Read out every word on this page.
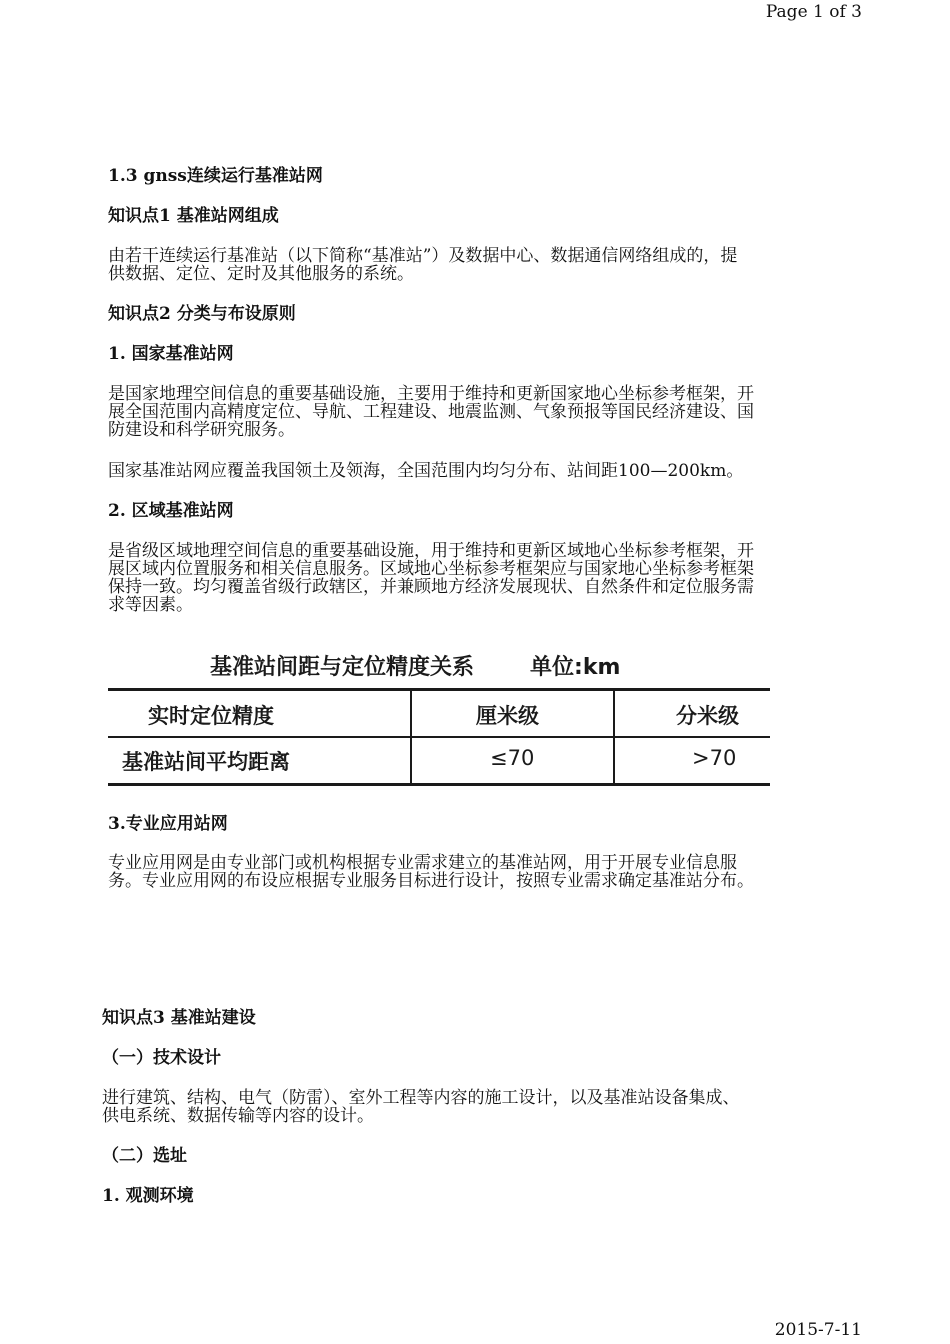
Page 1 of 3
1.3 gnss连续运行基准站网
知识点1 基准站网组成
由若干连续运行基准站（以下简称“基准站”）及数据中心、数据通信网络组成的，提
供数据、定位、定时及其他服务的系统。
知识点2 分类与布设原则
1. 国家基准站网
是国家地理空间信息的重要基础设施，主要用于维持和更新国家地心坐标参考框架，开
展全国范围内高精度定位、导航、工程建设、地震监测、气象预报等国民经济建设、国
防建设和科学研究服务。
国家基准站网应覆盖我国领土及领海，全国范围内均匀分布、站间距100—200km。
2. 区域基准站网
是省级区域地理空间信息的重要基础设施，用于维持和更新区域地心坐标参考框架，开
展区域内位置服务和相关信息服务。区域地心坐标参考框架应与国家地心坐标参考框架
保持一致。均匀覆盖省级行政辖区，并兼顾地方经济发展现状、自然条件和定位服务需
求等因素。
基准站间距与定位精度关系	单位:km
实时定位精度	厘米级	分米级
基准站间平均距离	≤70	>70
3.专业应用站网
专业应用网是由专业部门或机构根据专业需求建立的基准站网，用于开展专业信息服
务。专业应用网的布设应根据专业服务目标进行设计，按照专业需求确定基准站分布。
知识点3 基准站建设
（一）技术设计
进行建筑、结构、电气（防雷）、室外工程等内容的施工设计，以及基准站设备集成、
供电系统、数据传输等内容的设计。
（二）选址
1. 观测环境
2015-7-11
